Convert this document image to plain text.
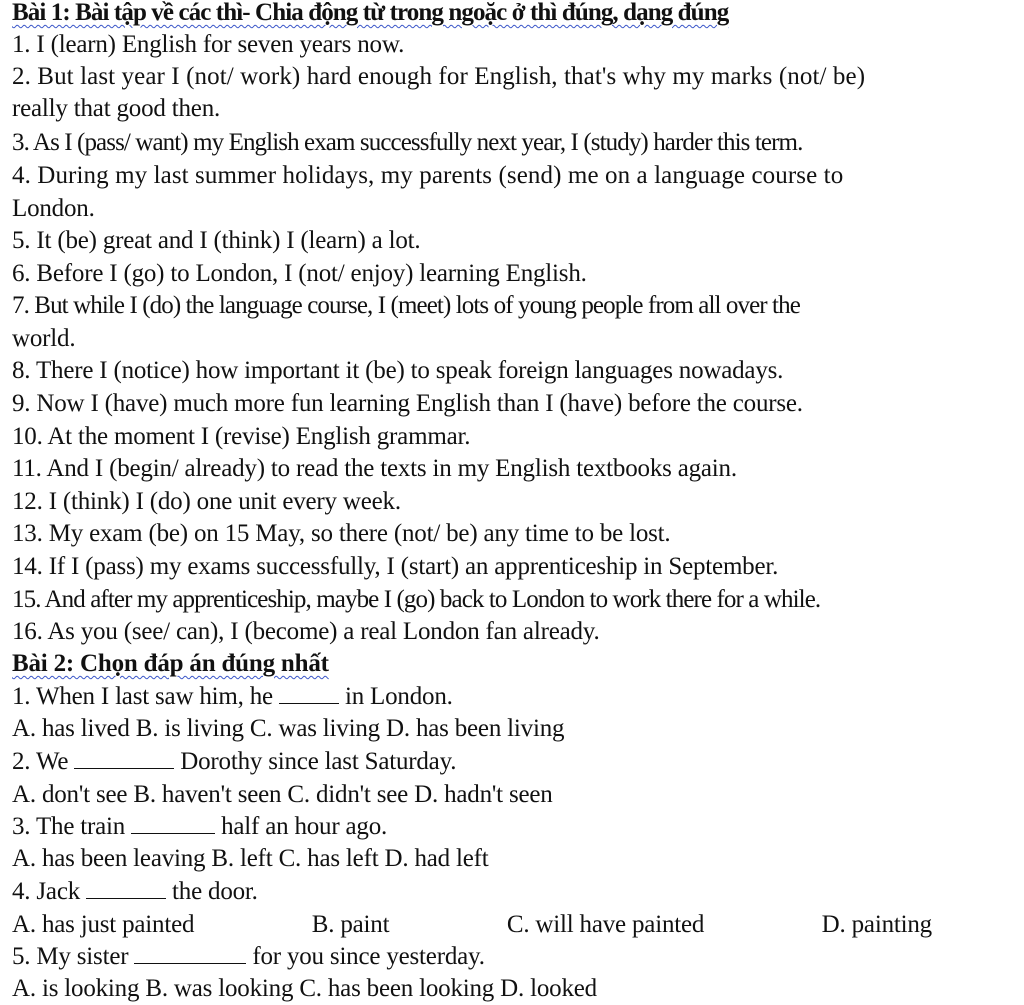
Bài 1: Bài tập về các thì- Chia động từ trong ngoặc ở thì đúng, dạng đúng
1. I (learn) English for seven years now.
2. But last year I (not/ work) hard enough for English, that's why my marks (not/ be)
really that good then.
3. As I (pass/ want) my English exam successfully next year, I (study) harder this term.
4. During my last summer holidays, my parents (send) me on a language course to
London.
5. It (be) great and I (think) I (learn) a lot.
6. Before I (go) to London, I (not/ enjoy) learning English.
7. But while I (do) the language course, I (meet) lots of young people from all over the
world.
8. There I (notice) how important it (be) to speak foreign languages nowadays.
9. Now I (have) much more fun learning English than I (have) before the course.
10. At the moment I (revise) English grammar.
11. And I (begin/ already) to read the texts in my English textbooks again.
12. I (think) I (do) one unit every week.
13. My exam (be) on 15 May, so there (not/ be) any time to be lost.
14. If I (pass) my exams successfully, I (start) an apprenticeship in September.
15. And after my apprenticeship, maybe I (go) back to London to work there for a while.
16. As you (see/ can), I (become) a real London fan already.
Bài 2: Chọn đáp án đúng nhất
1. When I last saw him, he	in London.
A. has lived B. is living C. was living D. has been living
2. We	Dorothy since last Saturday.
A. don't see B. haven't seen C. didn't see D. hadn't seen
3. The train	half an hour ago.
A. has been leaving B. left C. has left D. had left
4. Jack	the door.
A. has just painted	B. paint	C. will have painted	D. painting
5. My sister	for you since yesterday.
A. is looking B. was looking C. has been looking D. looked
